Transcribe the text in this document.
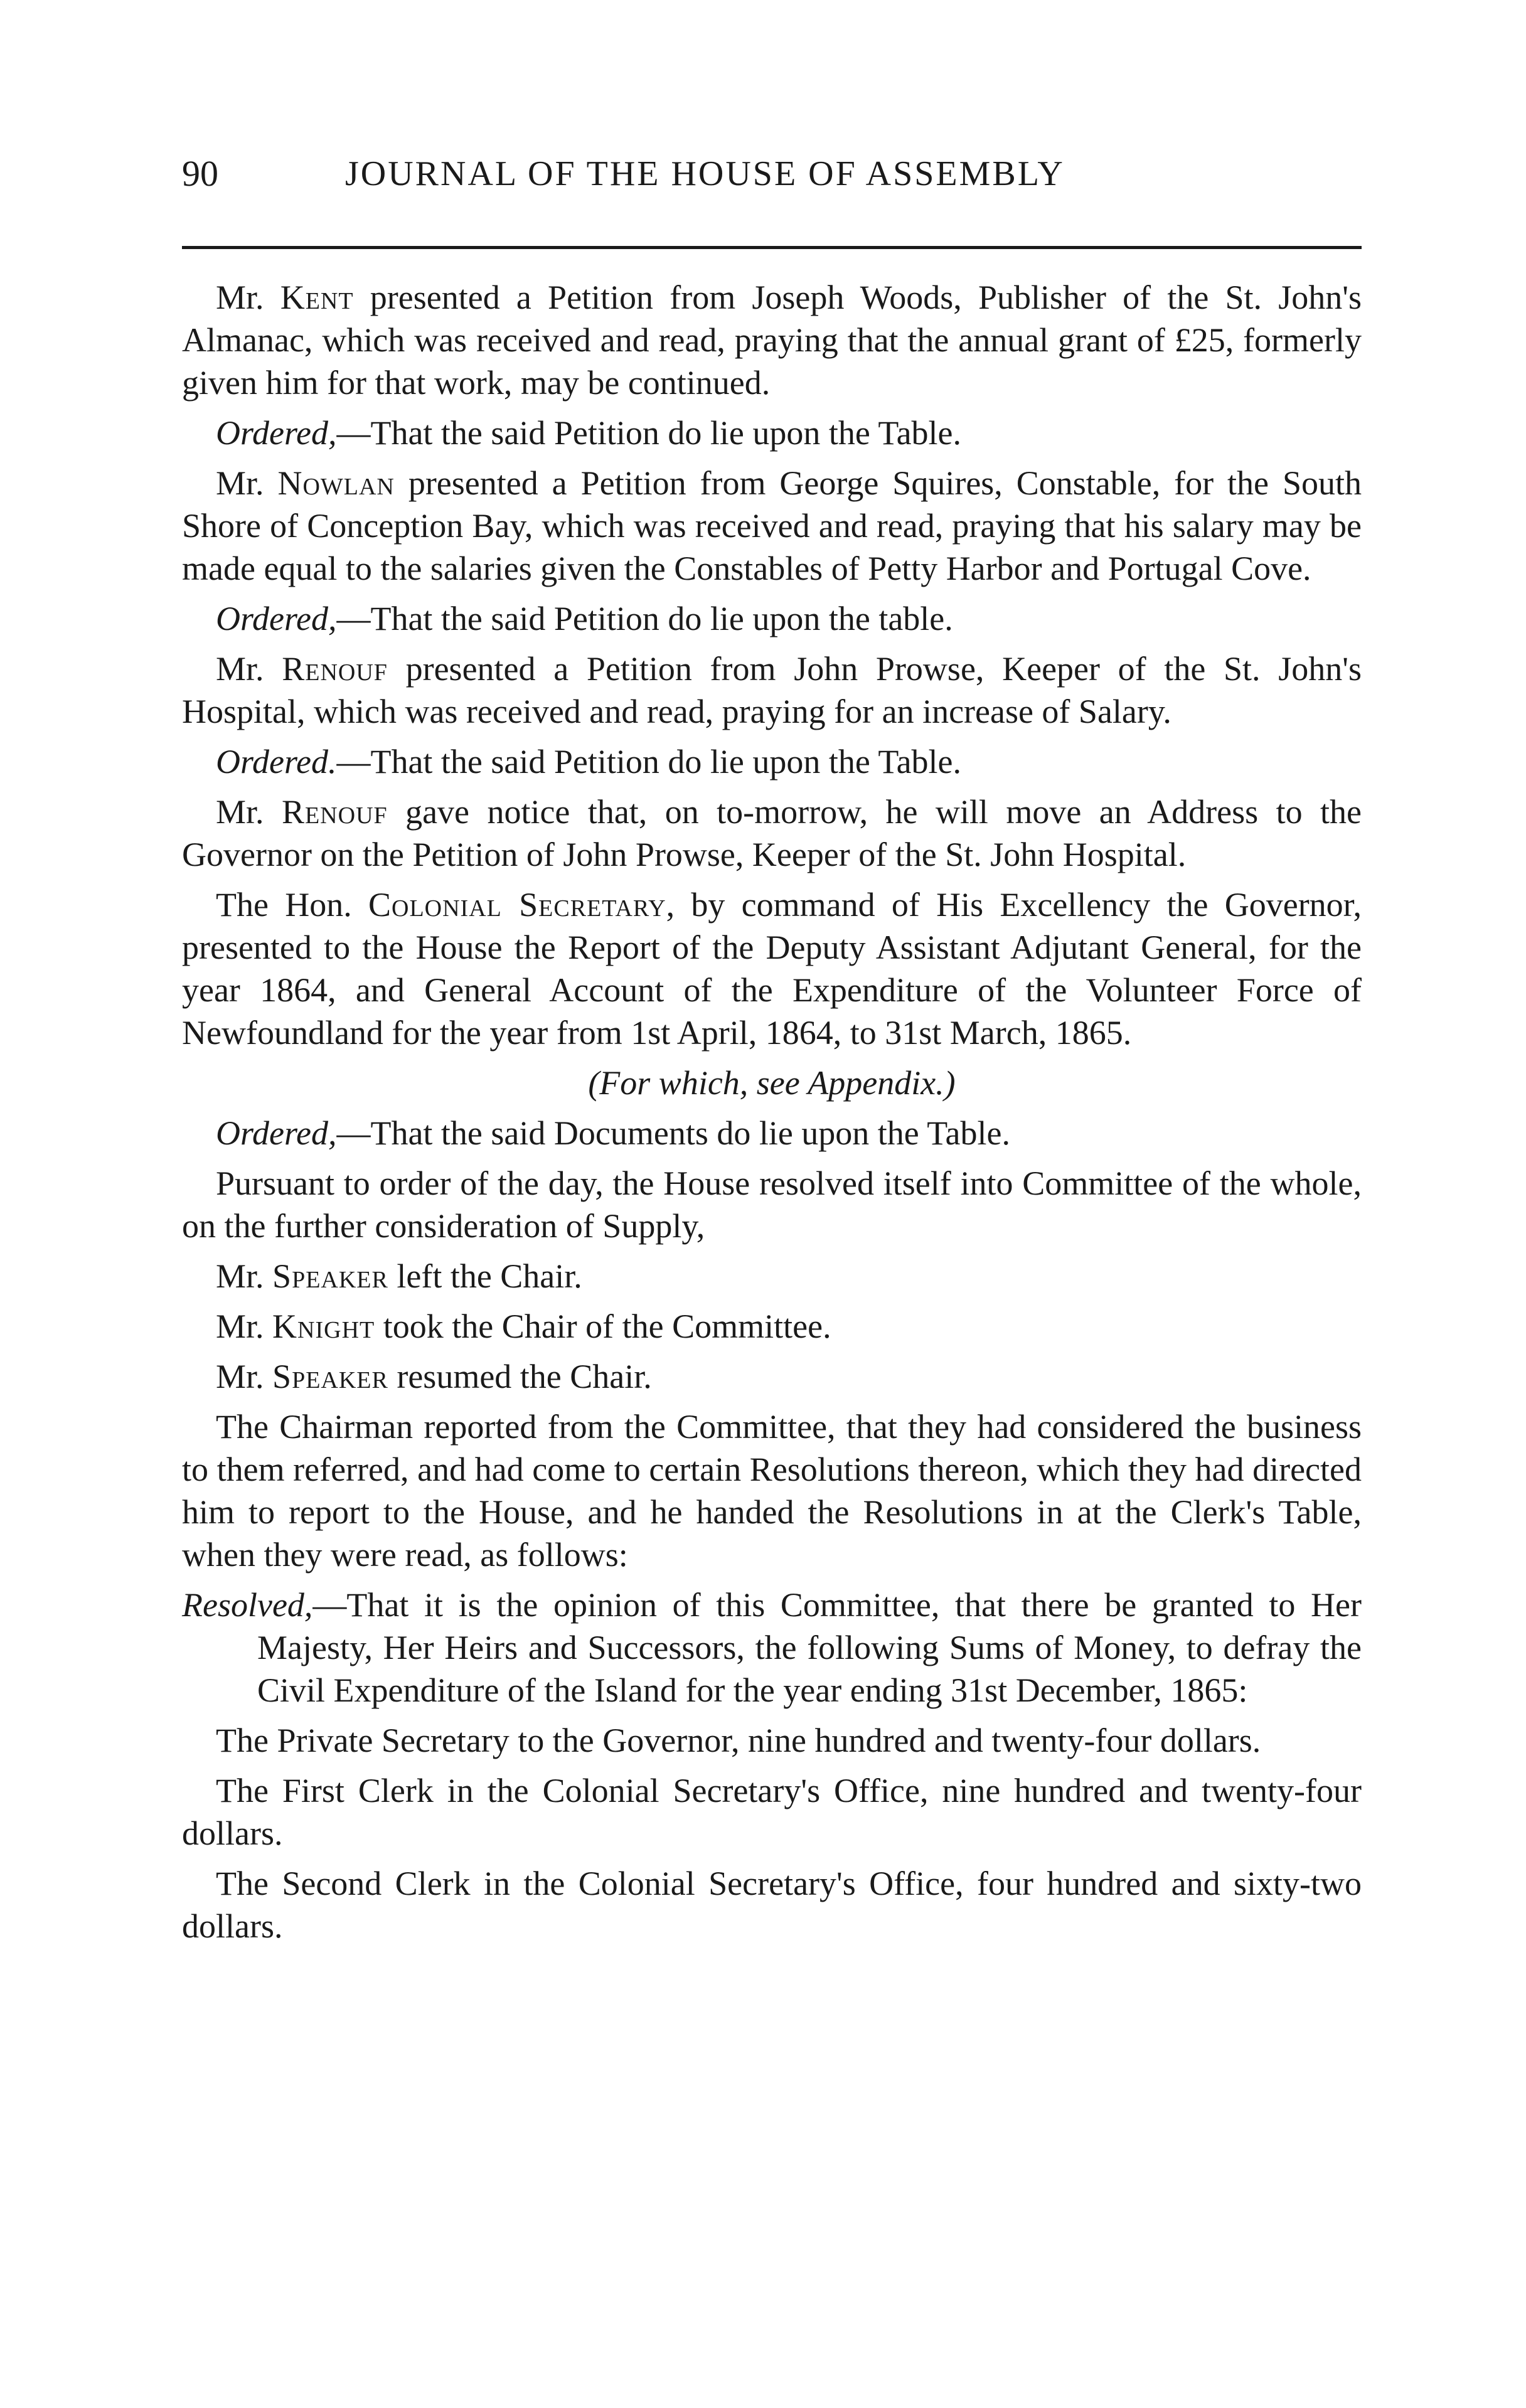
90	JOURNAL OF THE HOUSE OF ASSEMBLY

Mr. Kent presented a Petition from Joseph Woods, Publisher of the St. John's Almanac, which was received and read, praying that the annual grant of £25, formerly given him for that work, may be continued.

Ordered,—That the said Petition do lie upon the Table.

Mr. Nowlan presented a Petition from George Squires, Constable, for the South Shore of Conception Bay, which was received and read, praying that his salary may be made equal to the salaries given the Constables of Petty Harbor and Portugal Cove.

Ordered,—That the said Petition do lie upon the table.

Mr. Renouf presented a Petition from John Prowse, Keeper of the St. John's Hospital, which was received and read, praying for an increase of Salary.

Ordered.—That the said Petition do lie upon the Table.

Mr. Renouf gave notice that, on to-morrow, he will move an Address to the Governor on the Petition of John Prowse, Keeper of the St. John Hospital.

The Hon. Colonial Secretary, by command of His Excellency the Governor, presented to the House the Report of the Deputy Assistant Adjutant General, for the year 1864, and General Account of the Expenditure of the Volunteer Force of Newfoundland for the year from 1st April, 1864, to 31st March, 1865.

(For which, see Appendix.)

Ordered,—That the said Documents do lie upon the Table.

Pursuant to order of the day, the House resolved itself into Committee of the whole, on the further consideration of Supply,

Mr. Speaker left the Chair.

Mr. Knight took the Chair of the Committee.

Mr. Speaker resumed the Chair.

The Chairman reported from the Committee, that they had considered the business to them referred, and had come to certain Resolutions thereon, which they had directed him to report to the House, and he handed the Resolutions in at the Clerk's Table, when they were read, as follows:

Resolved,—That it is the opinion of this Committee, that there be granted to Her Majesty, Her Heirs and Successors, the following Sums of Money, to defray the Civil Expenditure of the Island for the year ending 31st December, 1865:

The Private Secretary to the Governor, nine hundred and twenty-four dollars.

The First Clerk in the Colonial Secretary's Office, nine hundred and twenty-four dollars.

The Second Clerk in the Colonial Secretary's Office, four hundred and sixty-two dollars.
